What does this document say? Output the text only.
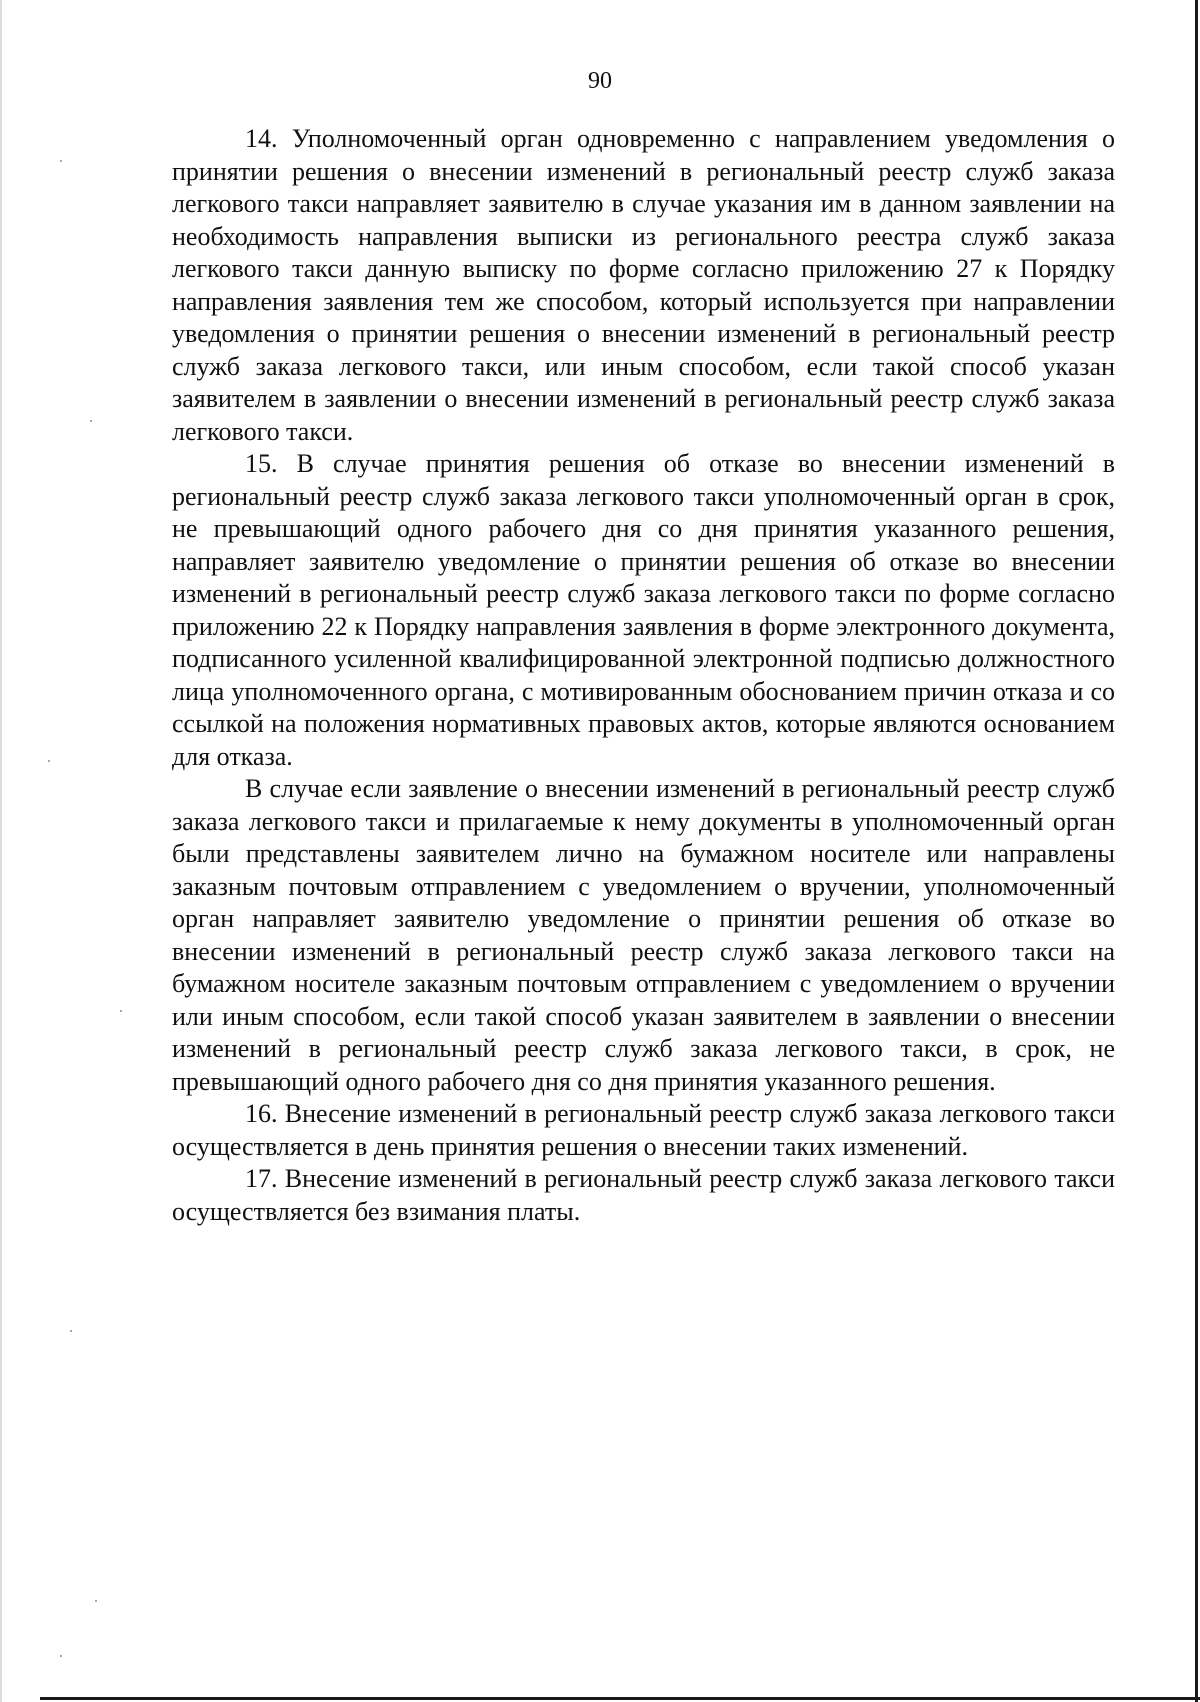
90

14. Уполномоченный орган одновременно с направлением уведомления о принятии решения о внесении изменений в региональный реестр служб заказа легкового такси направляет заявителю в случае указания им в данном заявлении на необходимость направления выписки из регионального реестра служб заказа легкового такси данную выписку по форме согласно приложению 27 к Порядку направления заявления тем же способом, который используется при направлении уведомления о принятии решения о внесении изменений в региональный реестр служб заказа легкового такси, или иным способом, если такой способ указан заявителем в заявлении о внесении изменений в региональный реестр служб заказа легкового такси.

15. В случае принятия решения об отказе во внесении изменений в региональный реестр служб заказа легкового такси уполномоченный орган в срок, не превышающий одного рабочего дня со дня принятия указанного решения, направляет заявителю уведомление о принятии решения об отказе во внесении изменений в региональный реестр служб заказа легкового такси по форме согласно приложению 22 к Порядку направления заявления в форме электронного документа, подписанного усиленной квалифицированной электронной подписью должностного лица уполномоченного органа, с мотивированным обоснованием причин отказа и со ссылкой на положения нормативных правовых актов, которые являются основанием для отказа.

В случае если заявление о внесении изменений в региональный реестр служб заказа легкового такси и прилагаемые к нему документы в уполномоченный орган были представлены заявителем лично на бумажном носителе или направлены заказным почтовым отправлением с уведомлением о вручении, уполномоченный орган направляет заявителю уведомление о принятии решения об отказе во внесении изменений в региональный реестр служб заказа легкового такси на бумажном носителе заказным почтовым отправлением с уведомлением о вручении или иным способом, если такой способ указан заявителем в заявлении о внесении изменений в региональный реестр служб заказа легкового такси, в срок, не превышающий одного рабочего дня со дня принятия указанного решения.

16. Внесение изменений в региональный реестр служб заказа легкового такси осуществляется в день принятия решения о внесении таких изменений.

17. Внесение изменений в региональный реестр служб заказа легкового такси осуществляется без взимания платы.
